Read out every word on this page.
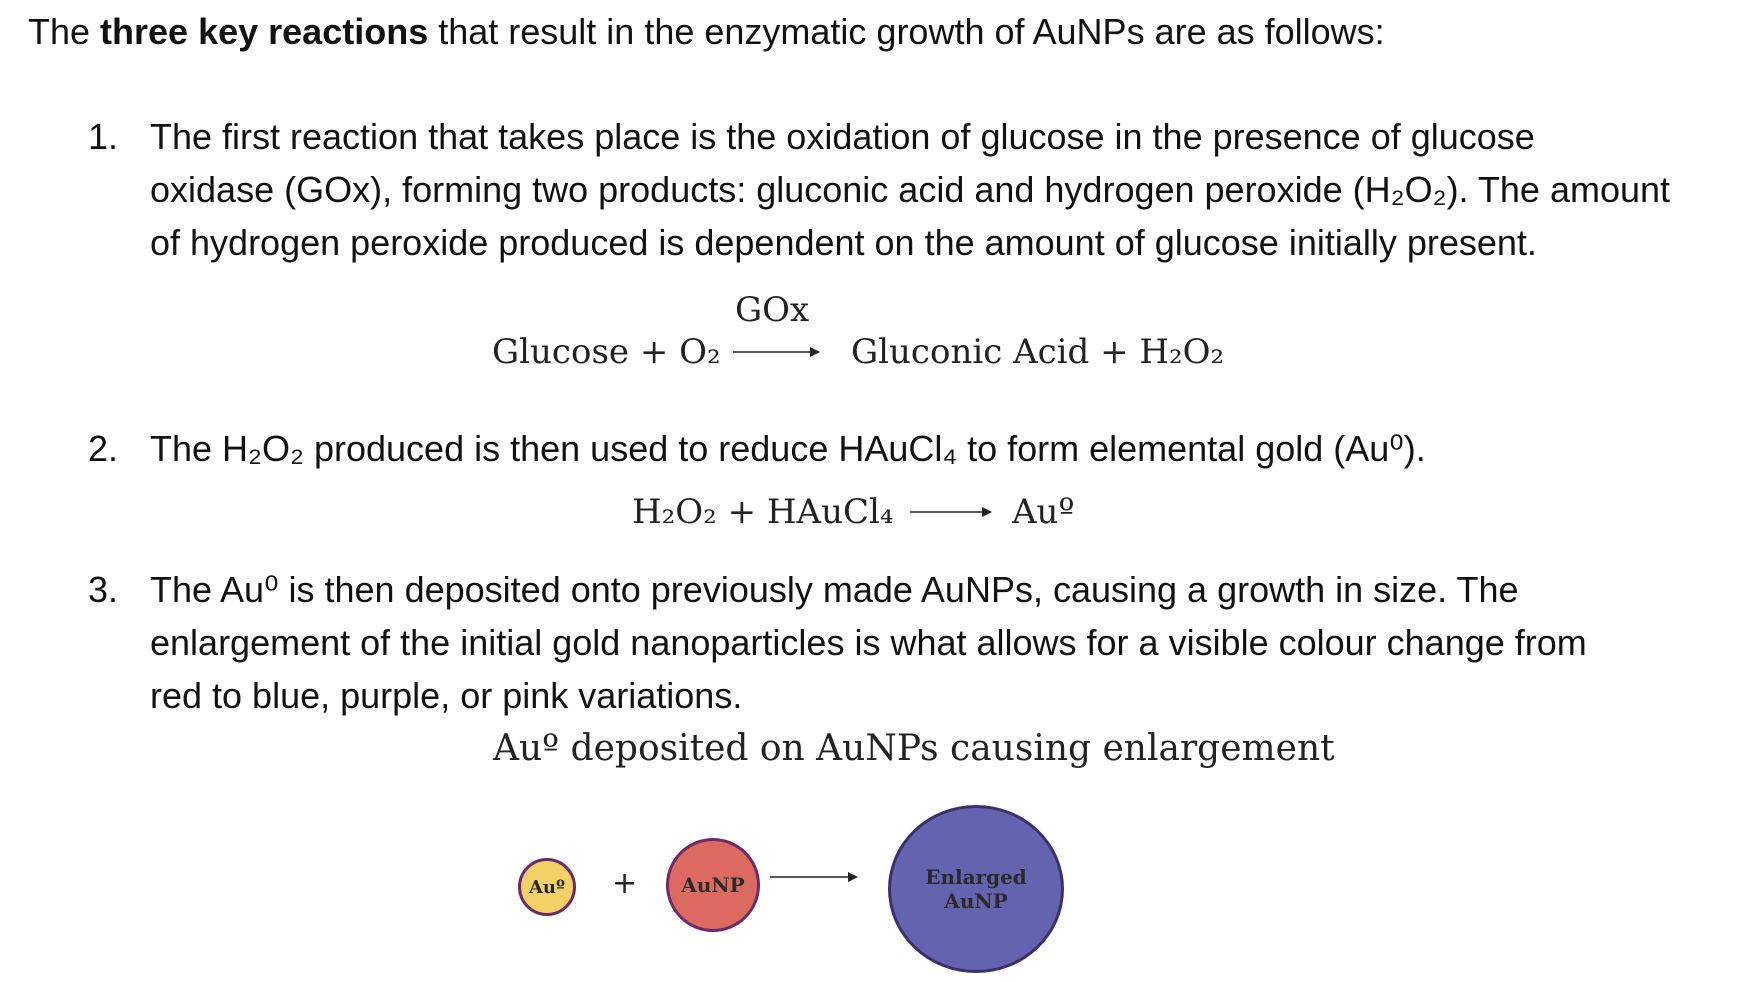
The three key reactions that result in the enzymatic growth of AuNPs are as follows:
1. The first reaction that takes place is the oxidation of glucose in the presence of glucose
oxidase (GOx), forming two products: gluconic acid and hydrogen peroxide (H₂O₂). The amount
of hydrogen peroxide produced is dependent on the amount of glucose initially present.
GOx
Glucose + O₂	Gluconic Acid + H₂O₂
2. The H₂O₂ produced is then used to reduce HAuCl₄ to form elemental gold (Au⁰).
H₂O₂ + HAuCl₄	Auº
3. The Au⁰ is then deposited onto previously made AuNPs, causing a growth in size. The
enlargement of the initial gold nanoparticles is what allows for a visible colour change from
red to blue, purple, or pink variations.
Auº deposited on AuNPs causing enlargement
Auº + AuNP	Enlarged
AuNP
